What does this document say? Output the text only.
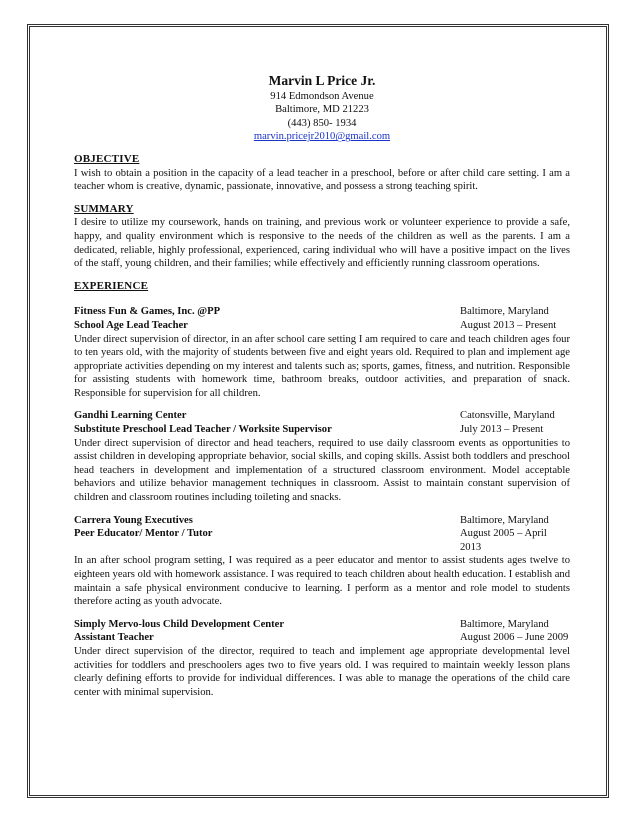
Marvin L Price Jr.
914 Edmondson Avenue
Baltimore, MD 21223
(443) 850- 1934
marvin.pricejr2010@gmail.com
OBJECTIVE
I wish to obtain a position in the capacity of a lead teacher in a preschool, before or after child care setting. I am a teacher whom is creative, dynamic, passionate, innovative, and possess a strong teaching spirit.
SUMMARY
I desire to utilize my coursework, hands on training, and previous work or volunteer experience to provide a safe, happy, and quality environment which is responsive to the needs of the children as well as the parents. I am a dedicated, reliable, highly professional, experienced, caring individual who will have a positive impact on the lives of the staff, young children, and their families; while effectively and efficiently running classroom operations.
EXPERIENCE
Fitness Fun & Games, Inc. @PP	Baltimore, Maryland
School Age Lead Teacher	August 2013 – Present
Under direct supervision of director, in an after school care setting I am required to care and teach children ages four to ten years old, with the majority of students between five and eight years old. Required to plan and implement age appropriate activities depending on my interest and talents such as; sports, games, fitness, and nutrition. Responsible for assisting students with homework time, bathroom breaks, outdoor activities, and preparation of snack. Responsible for supervision for all children.
Gandhi Learning Center	Catonsville, Maryland
Substitute Preschool Lead Teacher / Worksite Supervisor	July 2013 – Present
Under direct supervision of director and head teachers, required to use daily classroom events as opportunities to assist children in developing appropriate behavior, social skills, and coping skills. Assist both toddlers and preschool head teachers in development and implementation of a structured classroom environment. Model acceptable behaviors and utilize behavior management techniques in classroom. Assist to maintain constant supervision of children and classroom routines including toileting and snacks.
Carrera Young Executives	Baltimore, Maryland
Peer Educator/ Mentor / Tutor	August 2005 – April 2013
In an after school program setting, I was required as a peer educator and mentor to assist students ages twelve to eighteen years old with homework assistance. I was required to teach children about health education. I establish and maintain a safe physical environment conducive to learning. I perform as a mentor and role model to students therefore acting as youth advocate.
Simply Mervo-lous Child Development Center	Baltimore, Maryland
Assistant Teacher	August 2006 – June 2009
Under direct supervision of the director, required to teach and implement age appropriate developmental level activities for toddlers and preschoolers ages two to five years old. I was required to maintain weekly lesson plans clearly defining efforts to provide for individual differences. I was able to manage the operations of the child care center with minimal supervision.
